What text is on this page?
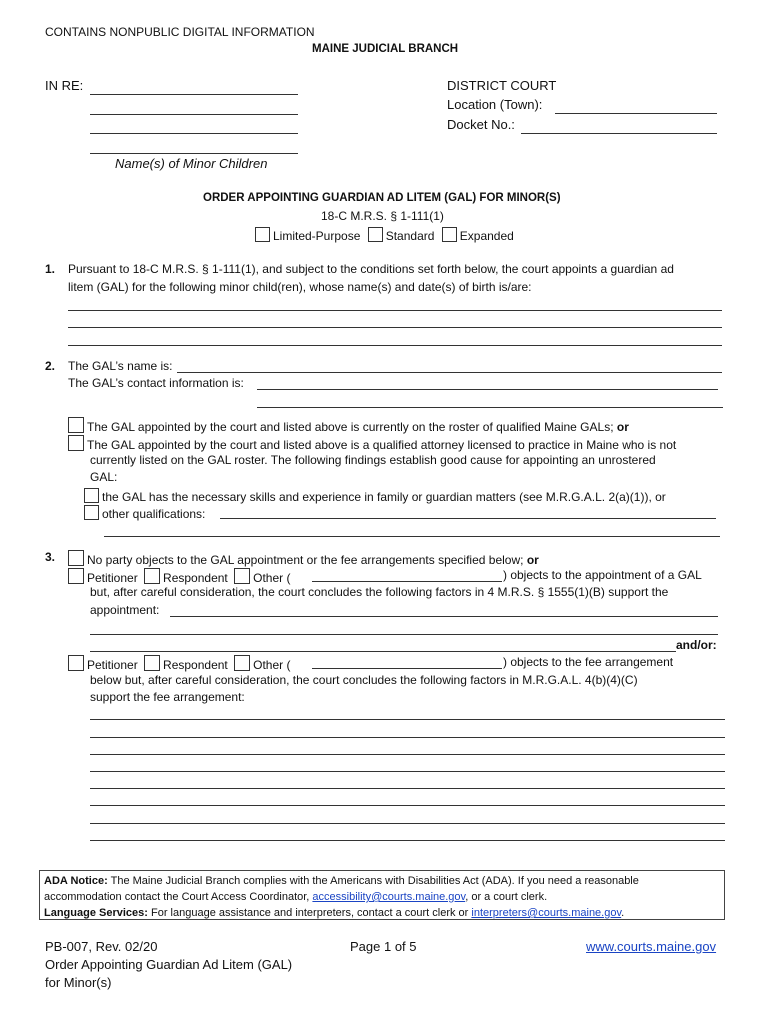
CONTAINS NONPUBLIC DIGITAL INFORMATION
MAINE JUDICIAL BRANCH
IN RE:
Name(s) of Minor Children
DISTRICT COURT
Location (Town):
Docket No.:
ORDER APPOINTING GUARDIAN AD LITEM (GAL) FOR MINOR(S)
18-C M.R.S. § 1-111(1)
Limited-Purpose Standard Expanded
1. Pursuant to 18-C M.R.S. § 1-111(1), and subject to the conditions set forth below, the court appoints a guardian ad
litem (GAL) for the following minor child(ren), whose name(s) and date(s) of birth is/are:
2. The GAL’s name is:
The GAL’s contact information is:
The GAL appointed by the court and listed above is currently on the roster of qualified Maine GALs; or
The GAL appointed by the court and listed above is a qualified attorney licensed to practice in Maine who is not
currently listed on the GAL roster. The following findings establish good cause for appointing an unrostered
GAL:
the GAL has the necessary skills and experience in family or guardian matters (see M.R.G.A.L. 2(a)(1)), or
other qualifications:
3.	No party objects to the GAL appointment or the fee arrangements specified below; or
Petitioner Respondent Other (	) objects to the appointment of a GAL
but, after careful consideration, the court concludes the following factors in 4 M.R.S. § 1555(1)(B) support the
appointment:
and/or:
Petitioner Respondent Other (	) objects to the fee arrangement
below but, after careful consideration, the court concludes the following factors in M.R.G.A.L. 4(b)(4)(C)
support the fee arrangement:
ADA Notice: The Maine Judicial Branch complies with the Americans with Disabilities Act (ADA). If you need a reasonable
accommodation contact the Court Access Coordinator, accessibility@courts.maine.gov, or a court clerk.
Language Services: For language assistance and interpreters, contact a court clerk or interpreters@courts.maine.gov.
PB-007, Rev. 02/20
Order Appointing Guardian Ad Litem (GAL)
for Minor(s)
Page 1 of 5	www.courts.maine.gov
